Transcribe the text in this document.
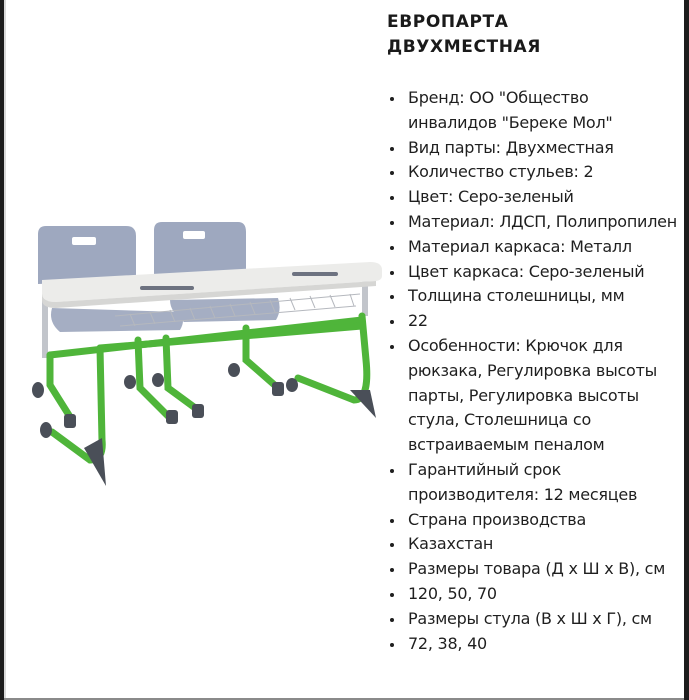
ЕВРОПАРТА
ДВУХМЕСТНАЯ
Бренд: ОО "Общество инвалидов "Береке Мол"
Вид парты: Двухместная
Количество стульев: 2
Цвет: Серо-зеленый
Материал: ЛДСП, Полипропилен
Материал каркаса: Металл
Цвет каркаса: Серо-зеленый
Толщина столешницы, мм
22
Особенности: Крючок для рюкзака, Регулировка высоты парты, Регулировка высоты стула, Столешница со встраиваемым пеналом
Гарантийный срок производителя: 12 месяцев
Страна производства
Казахстан
Размеры товара (Д х Ш х В), см
120, 50, 70
Размеры стула (В х Ш х Г), см
72, 38, 40
